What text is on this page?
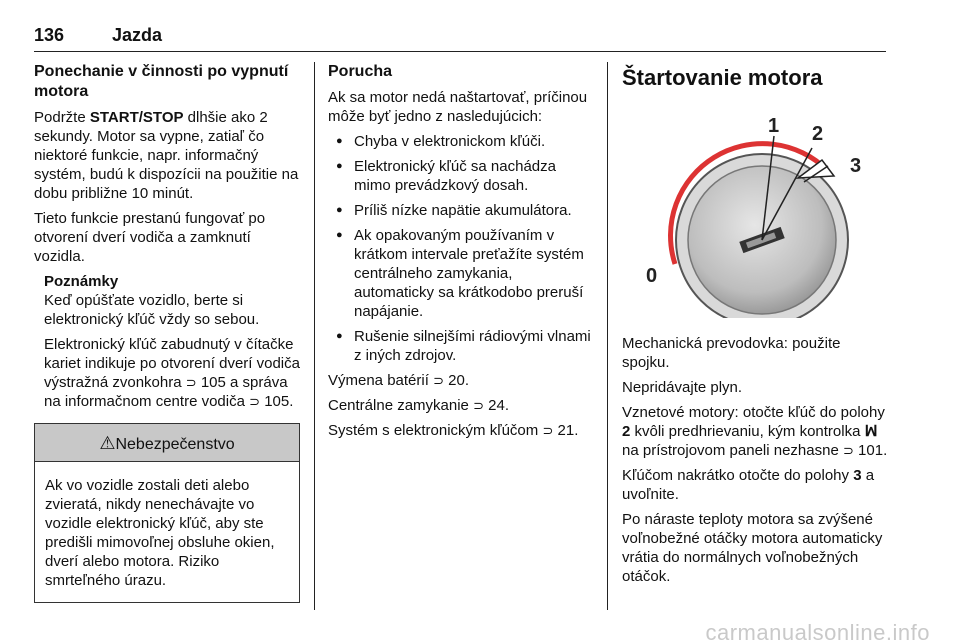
136	Jazda
Ponechanie v činnosti po vypnutí motora

Podržte START/STOP dlhšie ako 2 sekundy. Motor sa vypne, zatiaľ čo niektoré funkcie, napr. informačný systém, budú k dispozícii na použitie na dobu približne 10 minút.

Tieto funkcie prestanú fungovať po otvorení dverí vodiča a zamknutí vozidla.

Poznámky

Keď opúšťate vozidlo, berte si elektronický kľúč vždy so sebou.

Elektronický kľúč zabudnutý v čítačke kariet indikuje po otvorení dverí vodiča výstražná zvonkohra ⊃ 105 a správa na informačnom centre vodiča ⊃ 105.

⚠Nebezpečenstvo
Ak vo vozidle zostali deti alebo zvieratá, nikdy nenechávajte vo vozidle elektronický kľúč, aby ste predišli mimovoľnej obsluhe okien, dverí alebo motora. Riziko smrteľného úrazu.
Porucha

Ak sa motor nedá naštartovať, príčinou môže byť jedno z nasledujúcich:

● Chyba v elektronickom kľúči.
● Elektronický kľúč sa nachádza mimo prevádzkový dosah.
● Príliš nízke napätie akumulátora.
● Ak opakovaným používaním v krátkom intervale preťažíte systém centrálneho zamykania, automaticky sa krátkodobo preruší napájanie.
● Rušenie silnejšími rádiovými vlnami z iných zdrojov.

Výmena batérií ⊃ 20.

Centrálne zamykanie ⊃ 24.

Systém s elektronickým kľúčom ⊃ 21.

Štartovanie motora
1 2
3
0

Mechanická prevodovka: použite spojku.

Nepridávajte plyn.

Vznetové motory: otočte kľúč do polohy 2 kvôli predhrievaniu, kým kontrolka ꟽ na prístrojovom paneli nezhasne ⊃ 101.

Kľúčom nakrátko otočte do polohy 3 a uvoľnite.

Po náraste teploty motora sa zvýšené voľnobežné otáčky motora automaticky vrátia do normálnych voľnobežných otáčok.

carmanualsonline.info
